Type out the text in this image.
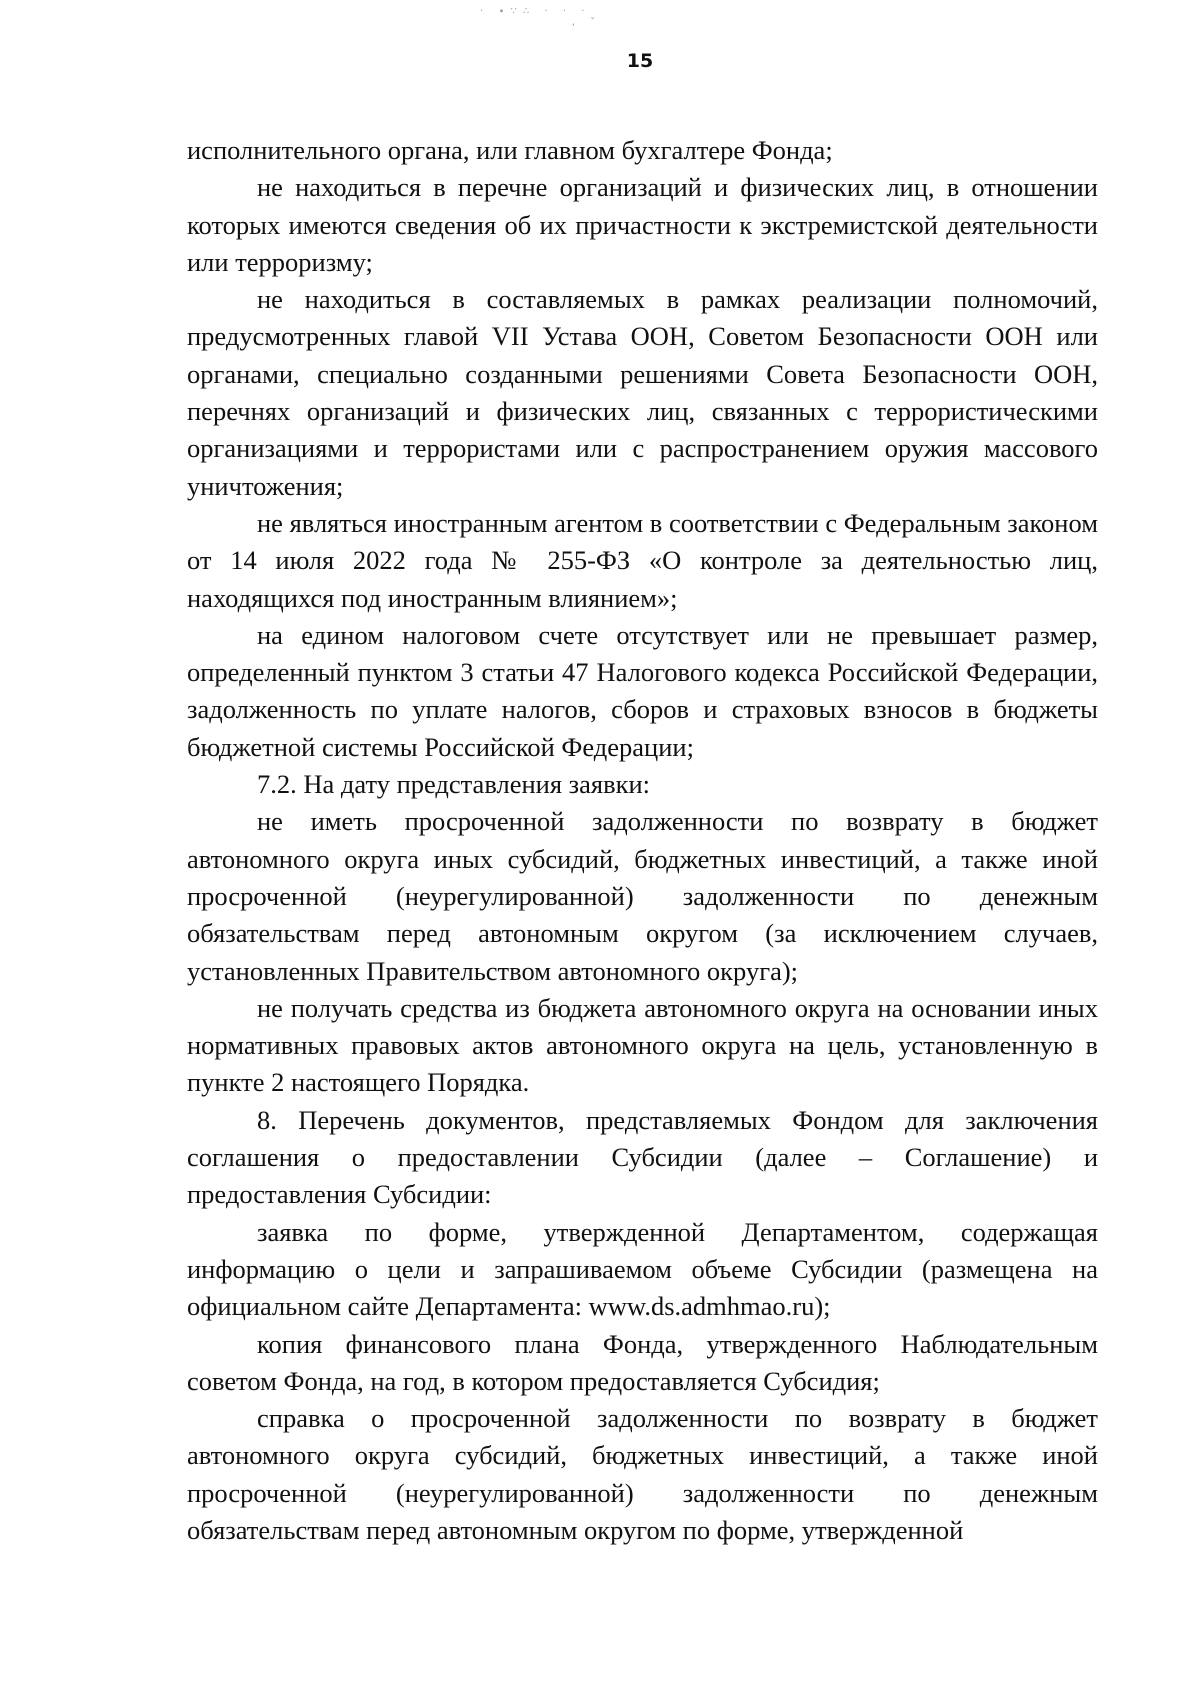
· ∙∵∴ · · ·
‚ ˇ
15

исполнительного органа, или главном бухгалтере Фонда;

не находиться в перечне организаций и физических лиц, в отношении которых имеются сведения об их причастности к экстремистской деятельности или терроризму;

не находиться в составляемых в рамках реализации полномочий, предусмотренных главой VII Устава ООН, Советом Безопасности ООН или органами, специально созданными решениями Совета Безопасности ООН, перечнях организаций и физических лиц, связанных с террористическими организациями и террористами или с распространением оружия массового уничтожения;

не являться иностранным агентом в соответствии с Федеральным законом от 14 июля 2022 года № 255-ФЗ «О контроле за деятельностью лиц, находящихся под иностранным влиянием»;

на едином налоговом счете отсутствует или не превышает размер, определенный пунктом 3 статьи 47 Налогового кодекса Российской Федерации, задолженность по уплате налогов, сборов и страховых взносов в бюджеты бюджетной системы Российской Федерации;

7.2. На дату представления заявки:

не иметь просроченной задолженности по возврату в бюджет автономного округа иных субсидий, бюджетных инвестиций, а также иной просроченной (неурегулированной) задолженности по денежным обязательствам перед автономным округом (за исключением случаев, установленных Правительством автономного округа);

не получать средства из бюджета автономного округа на основании иных нормативных правовых актов автономного округа на цель, установленную в пункте 2 настоящего Порядка.

8. Перечень документов, представляемых Фондом для заключения соглашения о предоставлении Субсидии (далее – Соглашение) и предоставления Субсидии:

заявка по форме, утвержденной Департаментом, содержащая информацию о цели и запрашиваемом объеме Субсидии (размещена на официальном сайте Департамента: www.ds.admhmao.ru);

копия финансового плана Фонда, утвержденного Наблюдательным советом Фонда, на год, в котором предоставляется Субсидия;

справка о просроченной задолженности по возврату в бюджет автономного округа субсидий, бюджетных инвестиций, а также иной просроченной (неурегулированной) задолженности по денежным обязательствам перед автономным округом по форме, утвержденной
